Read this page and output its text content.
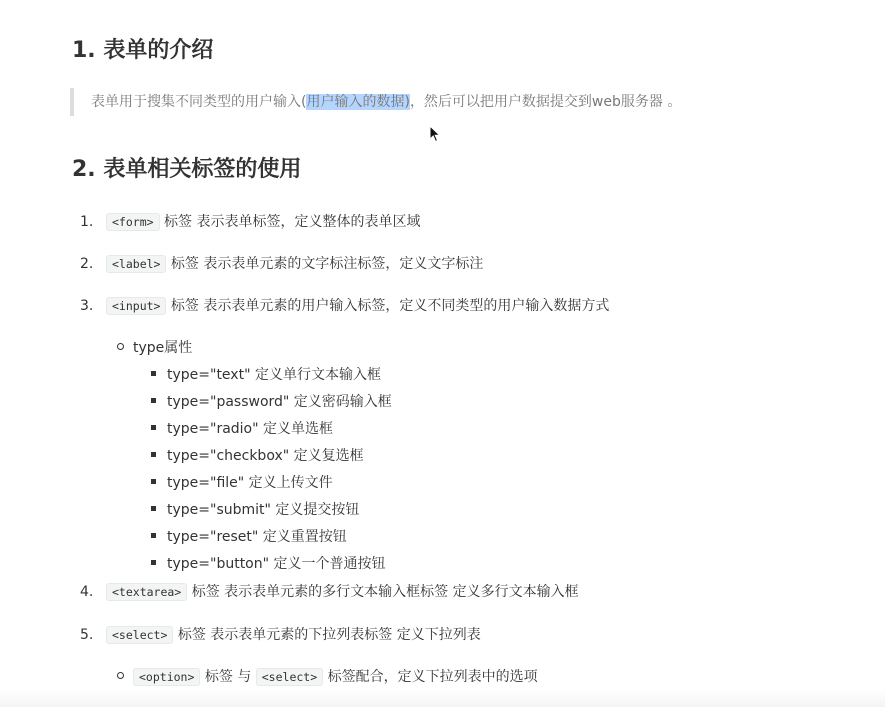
1. 表单的介绍
表单用于搜集不同类型的用户输入(用户输入的数据)，然后可以把用户数据提交到web服务器 。
2. 表单相关标签的使用
1. <form> 标签 表示表单标签，定义整体的表单区域
2. <label> 标签 表示表单元素的文字标注标签，定义文字标注
3. <input> 标签 表示表单元素的用户输入标签，定义不同类型的用户输入数据方式
type属性
type="text" 定义单行文本输入框
type="password" 定义密码输入框
type="radio" 定义单选框
type="checkbox" 定义复选框
type="file" 定义上传文件
type="submit" 定义提交按钮
type="reset" 定义重置按钮
type="button" 定义一个普通按钮
4. <textarea> 标签 表示表单元素的多行文本输入框标签 定义多行文本输入框
5. <select> 标签 表示表单元素的下拉列表标签 定义下拉列表
<option> 标签 与 <select> 标签配合，定义下拉列表中的选项
